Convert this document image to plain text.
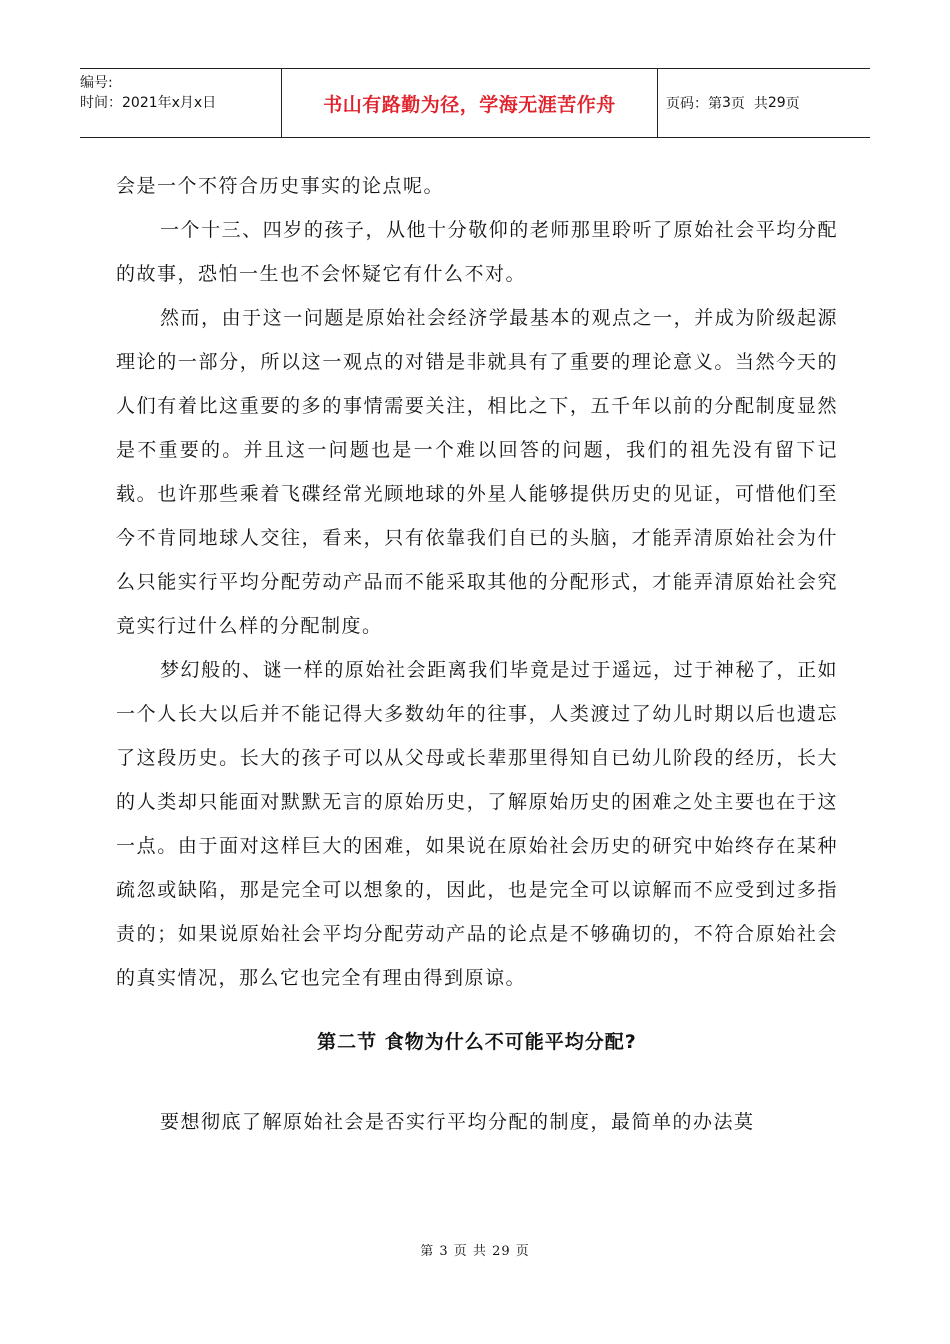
编号:
时间：2021年x月x日	书山有路勤为径，学海无涯苦作舟	页码：第 3 页  共 29 页

会是一个不符合历史事实的论点呢。

一个十三、四岁的孩子，从他十分敬仰的老师那里聆听了原始社会平均分配的故事，恐怕一生也不会怀疑它有什么不对。

然而，由于这一问题是原始社会经济学最基本的观点之一，并成为阶级起源理论的一部分，所以这一观点的对错是非就具有了重要的理论意义。当然今天的人们有着比这重要的多的事情需要关注，相比之下，五千年以前的分配制度显然是不重要的。并且这一问题也是一个难以回答的问题，我们的祖先没有留下记载。也许那些乘着飞碟经常光顾地球的外星人能够提供历史的见证，可惜他们至今不肯同地球人交往，看来，只有依靠我们自已的头脑，才能弄清原始社会为什么只能实行平均分配劳动产品而不能采取其他的分配形式，才能弄清原始社会究竟实行过什么样的分配制度。

梦幻般的、谜一样的原始社会距离我们毕竟是过于遥远，过于神秘了，正如一个人长大以后并不能记得大多数幼年的往事，人类渡过了幼儿时期以后也遗忘了这段历史。长大的孩子可以从父母或长辈那里得知自已幼儿阶段的经历，长大的人类却只能面对默默无言的原始历史，了解原始历史的困难之处主要也在于这一点。由于面对这样巨大的困难，如果说在原始社会历史的研究中始终存在某种疏忽或缺陷，那是完全可以想象的，因此，也是完全可以谅解而不应受到过多指责的；如果说原始社会平均分配劳动产品的论点是不够确切的，不符合原始社会的真实情况，那么它也完全有理由得到原谅。

第二节 食物为什么不可能平均分配?

要想彻底了解原始社会是否实行平均分配的制度，最简单的办法莫

第 3 页 共 29 页
